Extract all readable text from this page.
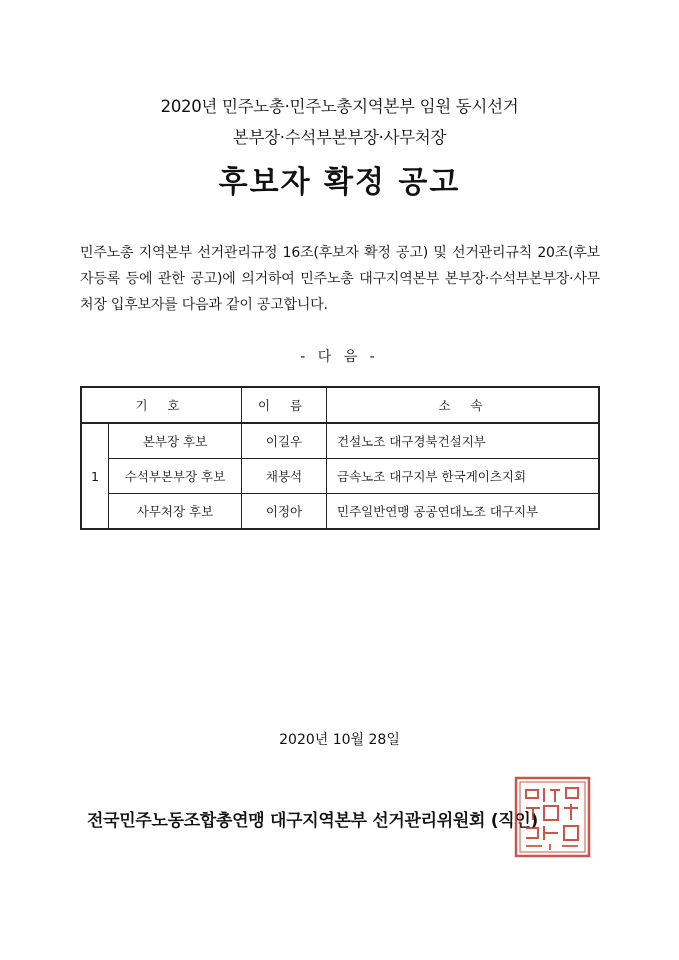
2020년 민주노총·민주노총지역본부 임원 동시선거
본부장·수석부본부장·사무처장
후보자 확정 공고
민주노총 지역본부 선거관리규정 16조(후보자 확정 공고) 및 선거관리규칙 20조(후보자등록 등에 관한 공고)에 의거하여 민주노총 대구지역본부 본부장·수석부본부장·사무처장 입후보자를 다음과 같이 공고합니다.
- 다 음 -
기 호		이 름	소 속
1	본부장 후보	이길우	건설노조 대구경북건설지부
	수석부본부장 후보	채붕석	금속노조 대구지부 한국게이츠지회
	사무처장 후보	이정아	민주일반연맹 공공연대노조 대구지부
2020년 10월 28일
전국민주노동조합총연맹 대구지역본부 선거관리위원회 (직인)
